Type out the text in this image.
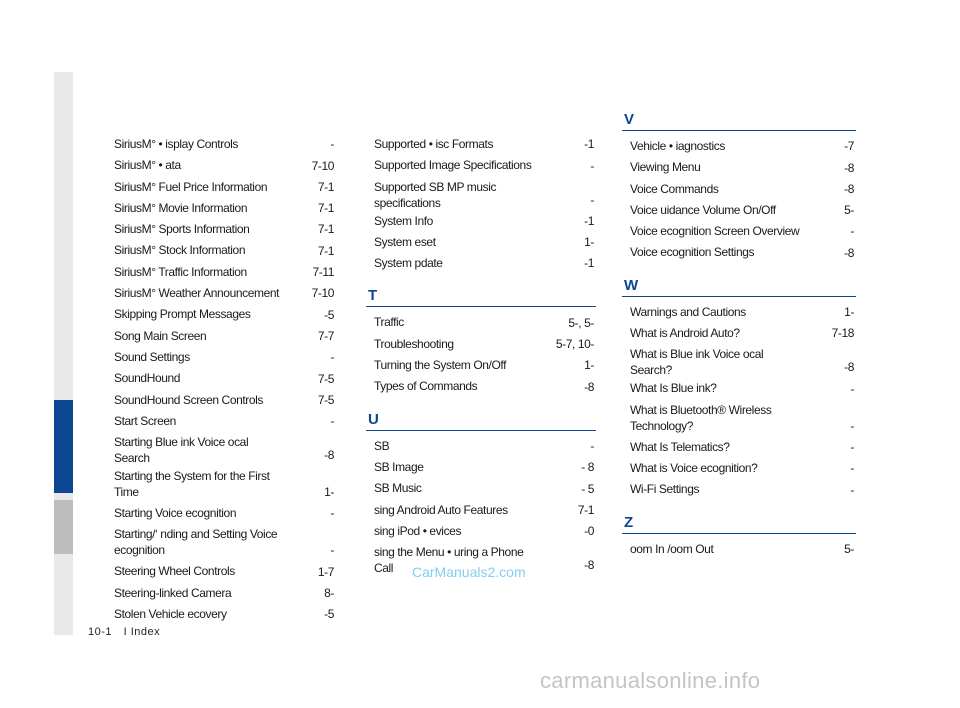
SiriusM° • isplay Controls	-
SiriusM° • ata	7-10
SiriusM° Fuel Price Information	7-1
SiriusM° Movie Information	7-1
SiriusM° Sports Information	7-1
SiriusM° Stock Information	7-1
SiriusM° Traffic Information	7-11
SiriusM° Weather Announcement	7-10
Skipping Prompt Messages	-5
Song Main Screen	7-7
Sound Settings	-
SoundHound	7-5
SoundHound Screen Controls	7-5
Start Screen	-
Starting Blue ink Voice ocal Search	-8
Starting the System for the First Time	1-
Starting Voice ecognition	-
Starting/‘ nding and Setting Voice ecognition	-
Steering Wheel Controls	1-7
Steering-linked Camera	8-
Stolen Vehicle ecovery	-5
Supported • isc Formats	-1
Supported Image Specifications	-
Supported SB MP music specifications	-
System Info	-1
System eset	1-
System pdate	-1
T
Traffic	5-, 5-
Troubleshooting	5-7, 10-
Turning the System On/Off	1-
Types of Commands	-8
U
SB	-
SB Image	- 8
SB Music	- 5
sing Android Auto Features	7-1
sing iPod • evices	-0
sing the Menu • uring a Phone Call	-8
V
Vehicle • iagnostics	-7
Viewing Menu	-8
Voice Commands	-8
Voice uidance Volume On/Off	5-
Voice ecognition Screen Overview	-
Voice ecognition Settings	-8
W
Warnings and Cautions	1-
What is Android Auto?	7-18
What is Blue ink Voice ocal Search?	-8
What Is Blue ink?	-
What is Bluetooth® Wireless Technology?	-
What Is Telematics?	-
What is Voice ecognition?	-
Wi-Fi Settings	-
Z
oom In /oom Out	5-
10-1 I Index
CarManuals2.com
carmanualsonline.info
